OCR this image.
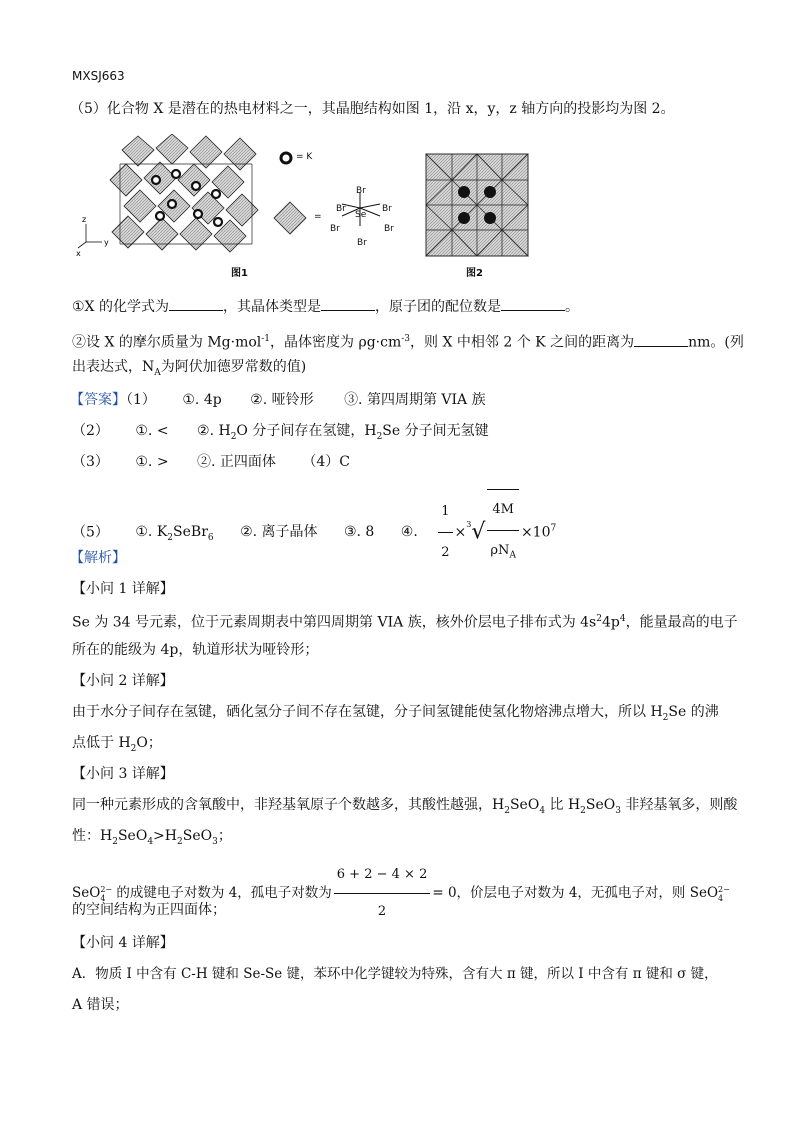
MXSJ663
（5）化合物 X 是潜在的热电材料之一，其晶胞结构如图 1，沿 x，y，z 轴方向的投影均为图 2。
z
y
x
图1
= K
=
Br
Br	Br
Se
Br	Br
Br
图2
①X 的化学式为	，其晶体类型是	，原子团的配位数是	。
②设 X 的摩尔质量为 Mg·mol$^{-1}$，晶体密度为 $\rho g\cdot cm^{-3}$，则 X 中相邻 2 个 K 之间的距离为	nm。(列
出表达式，$N_A$为阿伏加德罗常数的值)
【答案】（1） ①. 4p ②. 哑铃形 ③. 第四周期第 VIA 族
（2） ①. < ②. $H_2O$ 分子间存在氢键，$H_2Se$ 分子间无氢键
（3） ①. > ②. 正四面体 （4）C
（5） ①. $K_2SeBr_6$ ②. 离子晶体 ③. 8 ④. $\frac{1}{2} \times^3√ \frac{4M}{\rho N_A} \times 10^7$
【解析】
【小问 1 详解】
Se 为 34 号元素，位于元素周期表中第四周期第 VIA 族，核外价层电子排布式为 $4s^24p^4$，能量最高的电子
所在的能级为 4p，轨道形状为哑铃形；
【小问 2 详解】
由于水分子间存在氢键，硒化氢分子间不存在氢键，分子间氢键能使氢化物熔沸点增大，所以 $H_2Se$ 的沸
点低于 $H_2O$；
【小问 3 详解】
同一种元素形成的含氧酸中，非羟基氧原子个数越多，其酸性越强，$H_2SeO_4$ 比 $H_2SeO_3$ 非羟基氧多，则酸
性：$H_2SeO_4>H_2SeO_3$；
SeO 2−
4 的成键电子对数为 4，孤电子对数为 $\frac{6 + 2 - 4 \times 2}{2} = 0$，价层电子对数为 4，无孤电子对，则 SeO 2−
4
的空间结构为正四面体；
【小问 4 详解】
A．物质 I 中含有 C-H 键和 Se-Se 键，苯环中化学键较为特殊，含有大 π 键，所以 I 中含有 π 键和 σ 键，
A 错误；
